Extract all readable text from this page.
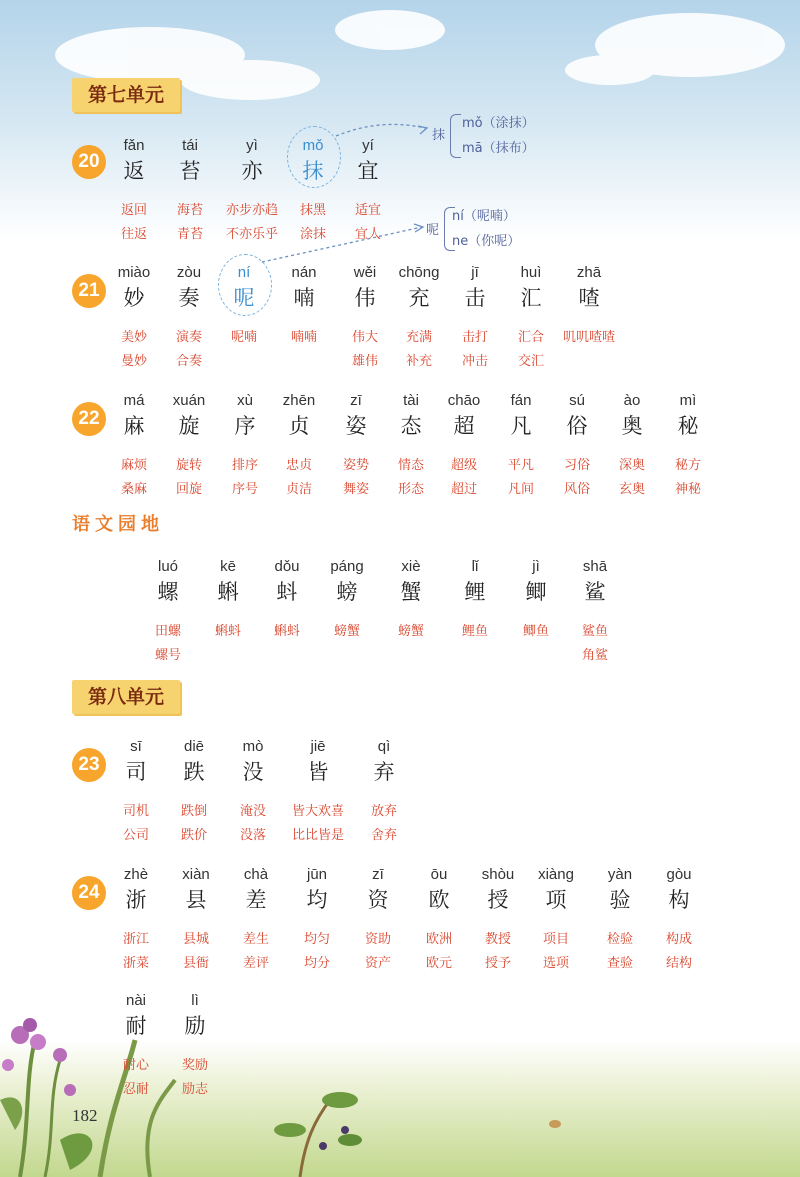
第七单元
20
抹
mǒ（涂抹）
mā（抹布）
fǎn
返
返回
往返
tái
苔
海苔
青苔
yì
亦
亦步亦趋
不亦乐乎
mǒ
抹
抹黑
涂抹
yí
宜
适宜
宜人	呢
ní（呢喃）
ne（你呢）
21
miào
妙
美妙
曼妙
zòu
奏
演奏
合奏
ní
呢
呢喃
nán
喃
喃喃
wěi
伟
伟大
雄伟
chōng
充
充满
补充
jī
击
击打
冲击
huì
汇
汇合
交汇
zhā
喳
叽叽喳喳
22
má
麻
麻烦
桑麻
xuán
旋
旋转
回旋
xù
序
排序
序号
zhēn
贞
忠贞
贞洁
zī
姿
姿势
舞姿
tài
态
情态
形态
chāo
超
超级
超过
fán
凡
平凡
凡间
sú
俗
习俗
风俗
ào
奥
深奥
玄奥
mì
秘
秘方
神秘
语文园地
luó
螺
田螺
螺号
kē
蝌
蝌蚪
dǒu
蚪
蝌蚪
páng
螃
螃蟹
xiè
蟹
螃蟹
lǐ
鲤
鲤鱼
jì
鲫
鲫鱼
shā
鲨
鲨鱼
角鲨
第八单元
23
sī
司
司机
公司
diē
跌
跌倒
跌价
mò
没
淹没
没落
jiē
皆
皆大欢喜
比比皆是
qì
弃
放弃
舍弃
24
zhè
浙
浙江
浙菜
xiàn
县
县城
县衙
chà
差
差生
差评
jūn
均
均匀
均分
zī
资
资助
资产
ōu
欧
欧洲
欧元
shòu
授
教授
授予
xiàng
项
项目
选项
yàn
验
检验
查验
gòu
构
构成
结构
nài
耐
耐心
忍耐
lì
励
奖励
励志
182
